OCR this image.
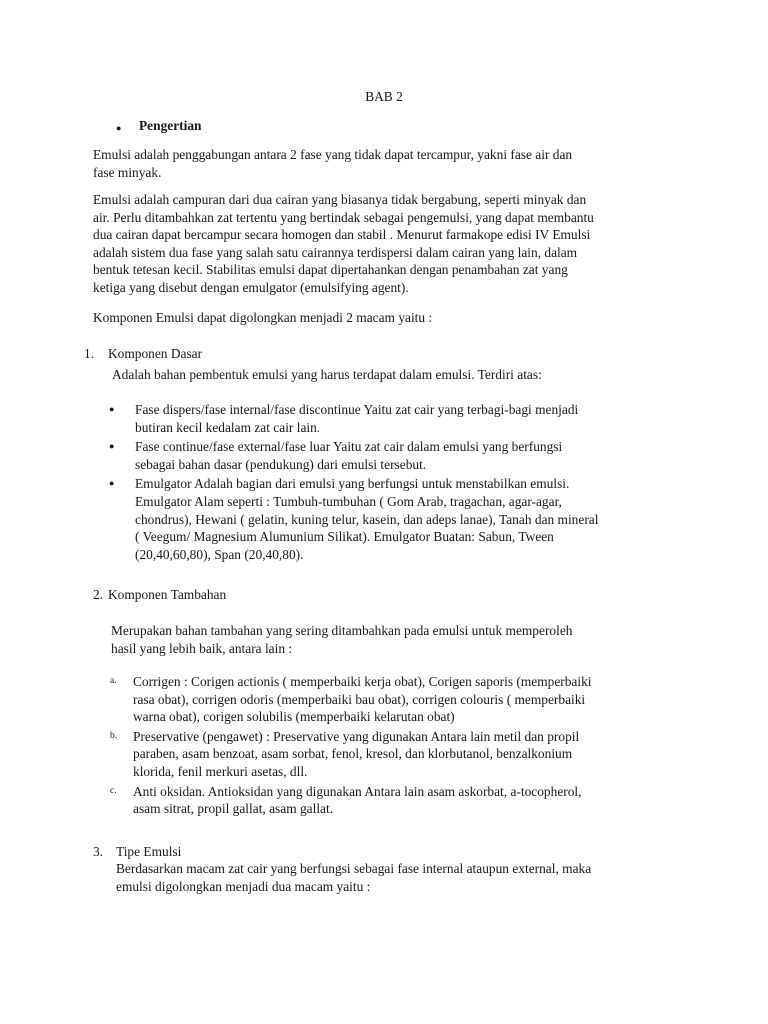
BAB 2
● Pengertian
Emulsi adalah penggabungan antara 2 fase yang tidak dapat tercampur, yakni fase air dan
fase minyak.
Emulsi adalah campuran dari dua cairan yang biasanya tidak bergabung, seperti minyak dan
air. Perlu ditambahkan zat tertentu yang bertindak sebagai pengemulsi, yang dapat membantu
dua cairan dapat bercampur secara homogen dan stabil . Menurut farmakope edisi IV Emulsi
adalah sistem dua fase yang salah satu cairannya terdispersi dalam cairan yang lain, dalam
bentuk tetesan kecil. Stabilitas emulsi dapat dipertahankan dengan penambahan zat yang
ketiga yang disebut dengan emulgator (emulsifying agent).
Komponen Emulsi dapat digolongkan menjadi 2 macam yaitu :
1. Komponen Dasar
Adalah bahan pembentuk emulsi yang harus terdapat dalam emulsi. Terdiri atas:
● Fase dispers/fase internal/fase discontinue Yaitu zat cair yang terbagi-bagi menjadi
butiran kecil kedalam zat cair lain.
● Fase continue/fase external/fase luar Yaitu zat cair dalam emulsi yang berfungsi
sebagai bahan dasar (pendukung) dari emulsi tersebut.
● Emulgator Adalah bagian dari emulsi yang berfungsi untuk menstabilkan emulsi.
Emulgator Alam seperti : Tumbuh-tumbuhan ( Gom Arab, tragachan, agar-agar,
chondrus), Hewani ( gelatin, kuning telur, kasein, dan adeps lanae), Tanah dan mineral
( Veegum/ Magnesium Alumunium Silikat). Emulgator Buatan: Sabun, Tween
(20,40,60,80), Span (20,40,80).
2. Komponen Tambahan
Merupakan bahan tambahan yang sering ditambahkan pada emulsi untuk memperoleh
hasil yang lebih baik, antara lain :
a. Corrigen : Corigen actionis ( memperbaiki kerja obat), Corigen saporis (memperbaiki
rasa obat), corrigen odoris (memperbaiki bau obat), corrigen colouris ( memperbaiki
warna obat), corigen solubilis (memperbaiki kelarutan obat)
b. Preservative (pengawet) : Preservative yang digunakan Antara lain metil dan propil
paraben, asam benzoat, asam sorbat, fenol, kresol, dan klorbutanol, benzalkonium
klorida, fenil merkuri asetas, dll.
c. Anti oksidan. Antioksidan yang digunakan Antara lain asam askorbat, a-tocopherol,
asam sitrat, propil gallat, asam gallat.
3. Tipe Emulsi
Berdasarkan macam zat cair yang berfungsi sebagai fase internal ataupun external, maka
emulsi digolongkan menjadi dua macam yaitu :
